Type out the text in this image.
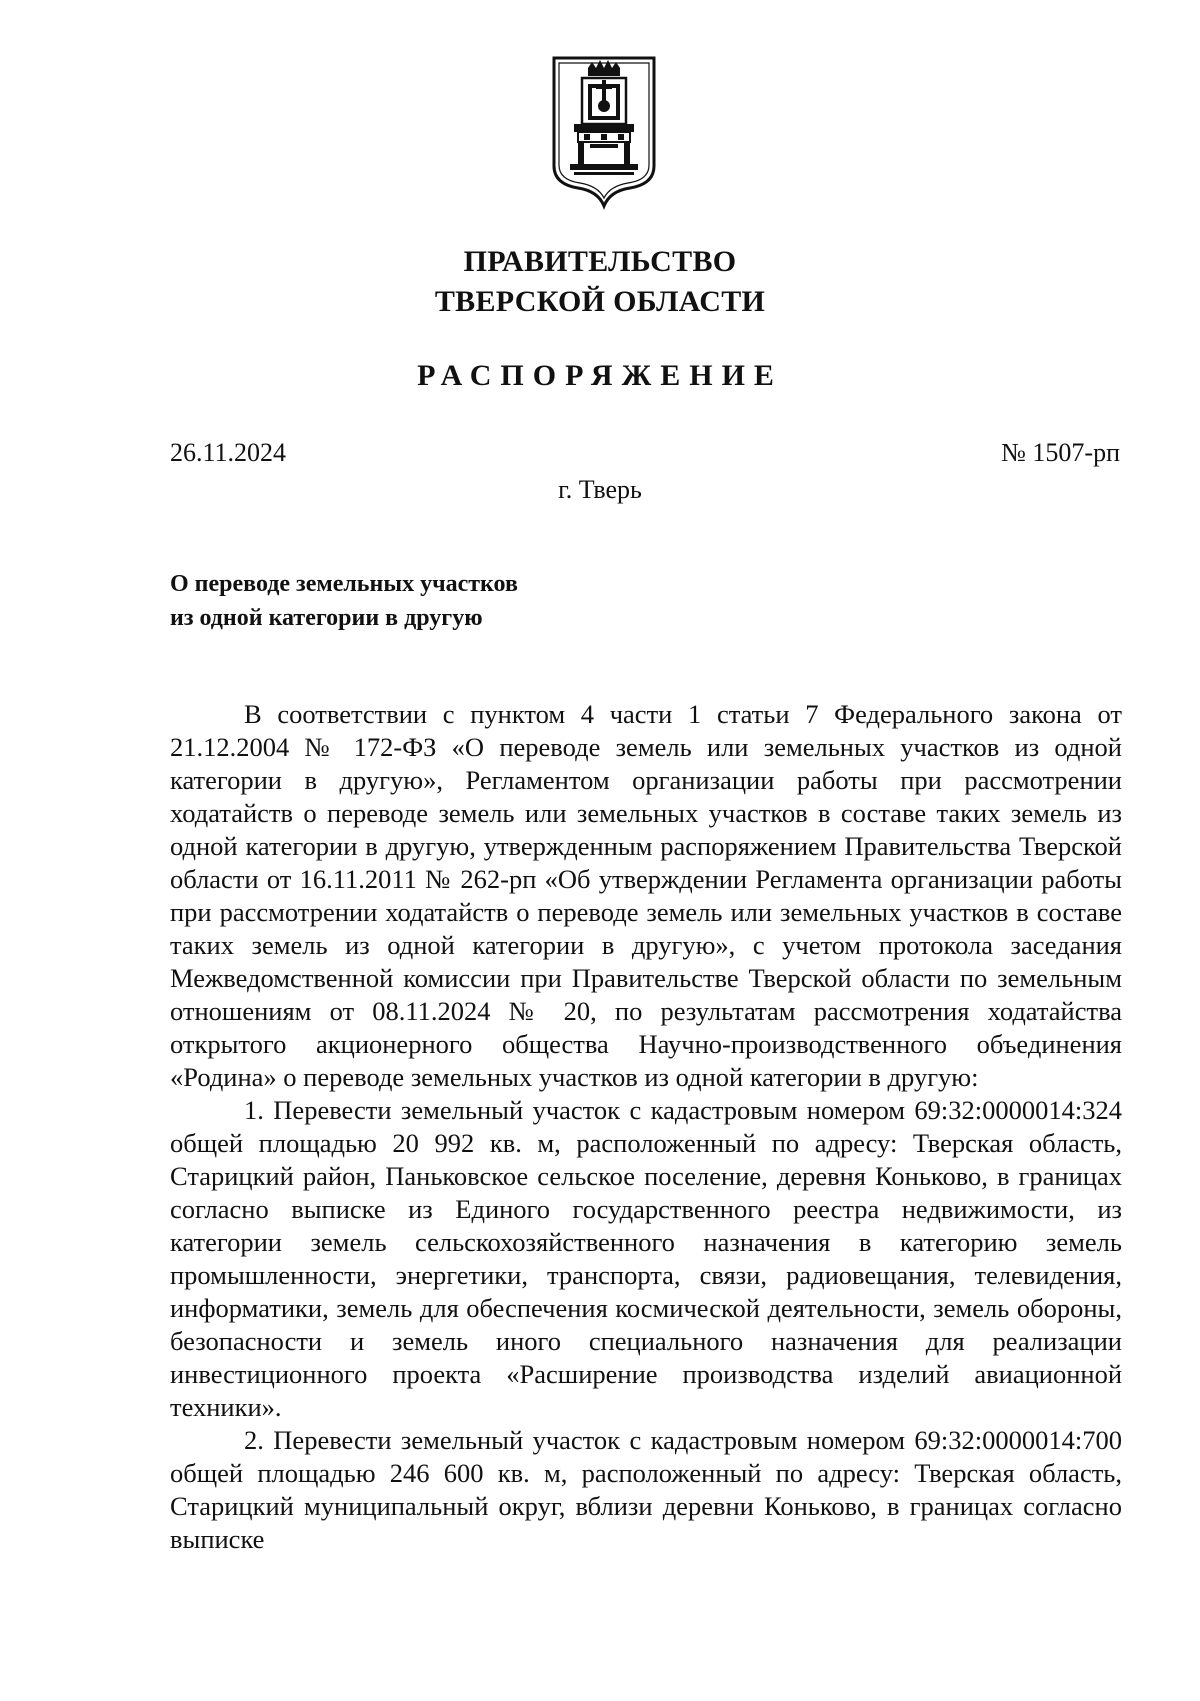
ПРАВИТЕЛЬСТВО
ТВЕРСКОЙ ОБЛАСТИ
РАСПОРЯЖЕНИЕ
26.11.2024	№ 1507-рп
г. Тверь
О переводе земельных участков
из одной категории в другую

В соответствии с пунктом 4 части 1 статьи 7 Федерального закона от 21.12.2004 № 172-ФЗ «О переводе земель или земельных участков из одной категории в другую», Регламентом организации работы при рассмотрении ходатайств о переводе земель или земельных участков в составе таких земель из одной категории в другую, утвержденным распоряжением Правительства Тверской области от 16.11.2011 № 262-рп «Об утверждении Регламента организации работы при рассмотрении ходатайств о переводе земель или земельных участков в составе таких земель из одной категории в другую», с учетом протокола заседания Межведомственной комиссии при Правительстве Тверской области по земельным отношениям от 08.11.2024 № 20, по результатам рассмотрения ходатайства открытого акционерного общества Научно-производственного объединения «Родина» о переводе земельных участков из одной категории в другую:

1. Перевести земельный участок с кадастровым номером 69:32:0000014:324 общей площадью 20 992 кв. м, расположенный по адресу: Тверская область, Старицкий район, Паньковское сельское поселение, деревня Коньково, в границах согласно выписке из Единого государственного реестра недвижимости, из категории земель сельскохозяйственного назначения в категорию земель промышленности, энергетики, транспорта, связи, радиовещания, телевидения, информатики, земель для обеспечения космической деятельности, земель обороны, безопасности и земель иного специального назначения для реализации инвестиционного проекта «Расширение производства изделий авиационной техники».

2. Перевести земельный участок с кадастровым номером 69:32:0000014:700 общей площадью 246 600 кв. м, расположенный по адресу: Тверская область, Старицкий муниципальный округ, вблизи деревни Коньково, в границах согласно выписке
